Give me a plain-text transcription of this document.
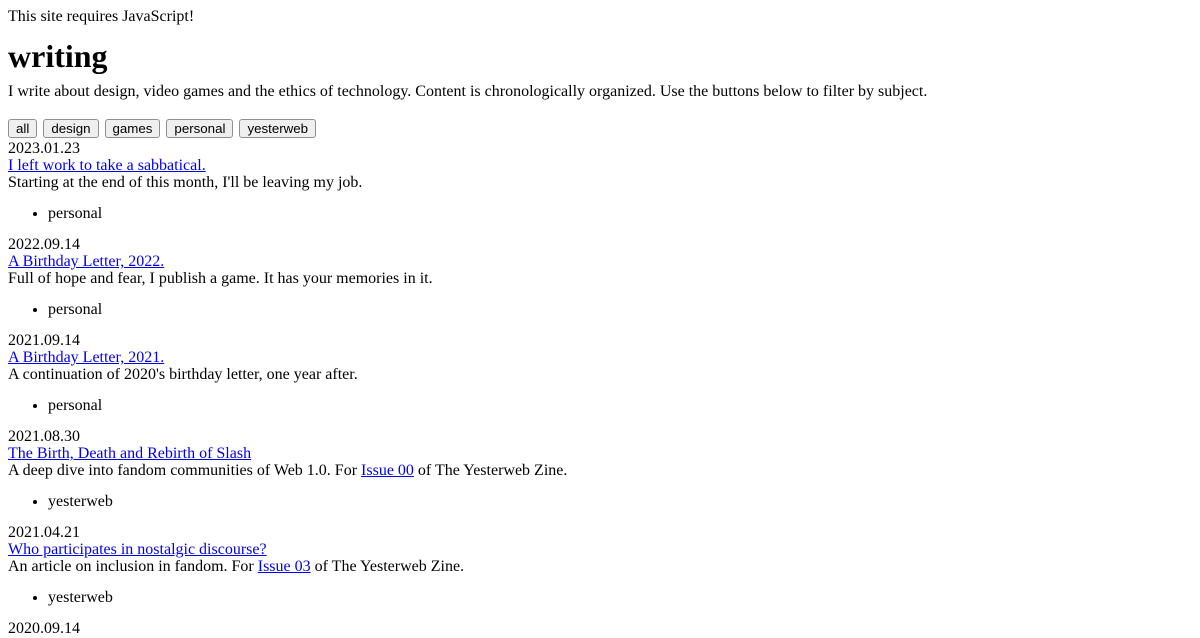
This site requires JavaScript!

writing

I write about design, video games and the ethics of technology. Content is chronologically organized. Use the buttons below to filter by subject.

all design games personal yesterweb
2023.01.23
I left work to take a sabbatical.
Starting at the end of this month, I'll be leaving my job.
• personal
2022.09.14
A Birthday Letter, 2022.
Full of hope and fear, I publish a game. It has your memories in it.
• personal
2021.09.14
A Birthday Letter, 2021.
A continuation of 2020's birthday letter, one year after.
• personal
2021.08.30
The Birth, Death and Rebirth of Slash
A deep dive into fandom communities of Web 1.0. For Issue 00 of The Yesterweb Zine.
• yesterweb
2021.04.21
Who participates in nostalgic discourse?
An article on inclusion in fandom. For Issue 03 of The Yesterweb Zine.
• yesterweb
2020.09.14
